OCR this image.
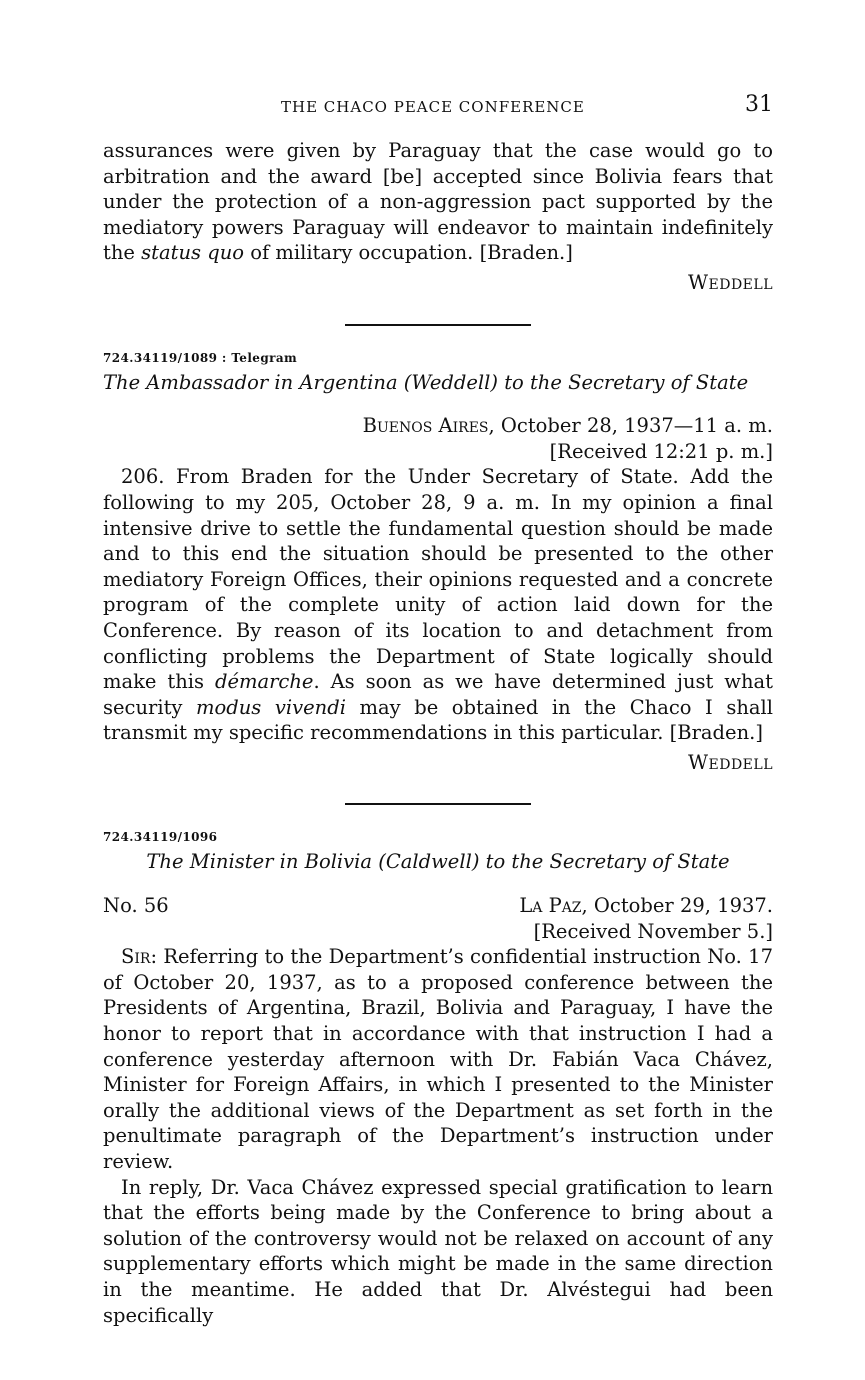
THE CHACO PEACE CONFERENCE	31

assurances were given by Paraguay that the case would go to arbitration and the award [be] accepted since Bolivia fears that under the protection of a non-aggression pact supported by the mediatory powers Paraguay will endeavor to maintain indefinitely the status quo of military occupation. [Braden.]

Weddell

724.34119/1089 : Telegram

The Ambassador in Argentina (Weddell) to the Secretary of State

Buenos Aires, October 28, 1937—11 a. m.

[Received 12:21 p. m.]

206. From Braden for the Under Secretary of State. Add the following to my 205, October 28, 9 a. m. In my opinion a final intensive drive to settle the fundamental question should be made and to this end the situation should be presented to the other mediatory Foreign Offices, their opinions requested and a concrete program of the complete unity of action laid down for the Conference. By reason of its location to and detachment from conflicting problems the Department of State logically should make this démarche. As soon as we have determined just what security modus vivendi may be obtained in the Chaco I shall transmit my specific recommendations in this particular. [Braden.]

Weddell

724.34119/1096

The Minister in Bolivia (Caldwell) to the Secretary of State

No. 56	La Paz, October 29, 1937.

[Received November 5.]

Sir: Referring to the Department’s confidential instruction No. 17 of October 20, 1937, as to a proposed conference between the Presidents of Argentina, Brazil, Bolivia and Paraguay, I have the honor to report that in accordance with that instruction I had a conference yesterday afternoon with Dr. Fabián Vaca Chávez, Minister for Foreign Affairs, in which I presented to the Minister orally the additional views of the Department as set forth in the penultimate paragraph of the Department’s instruction under review.

In reply, Dr. Vaca Chávez expressed special gratification to learn that the efforts being made by the Conference to bring about a solution of the controversy would not be relaxed on account of any supplementary efforts which might be made in the same direction in the meantime. He added that Dr. Alvéstegui had been specifically
